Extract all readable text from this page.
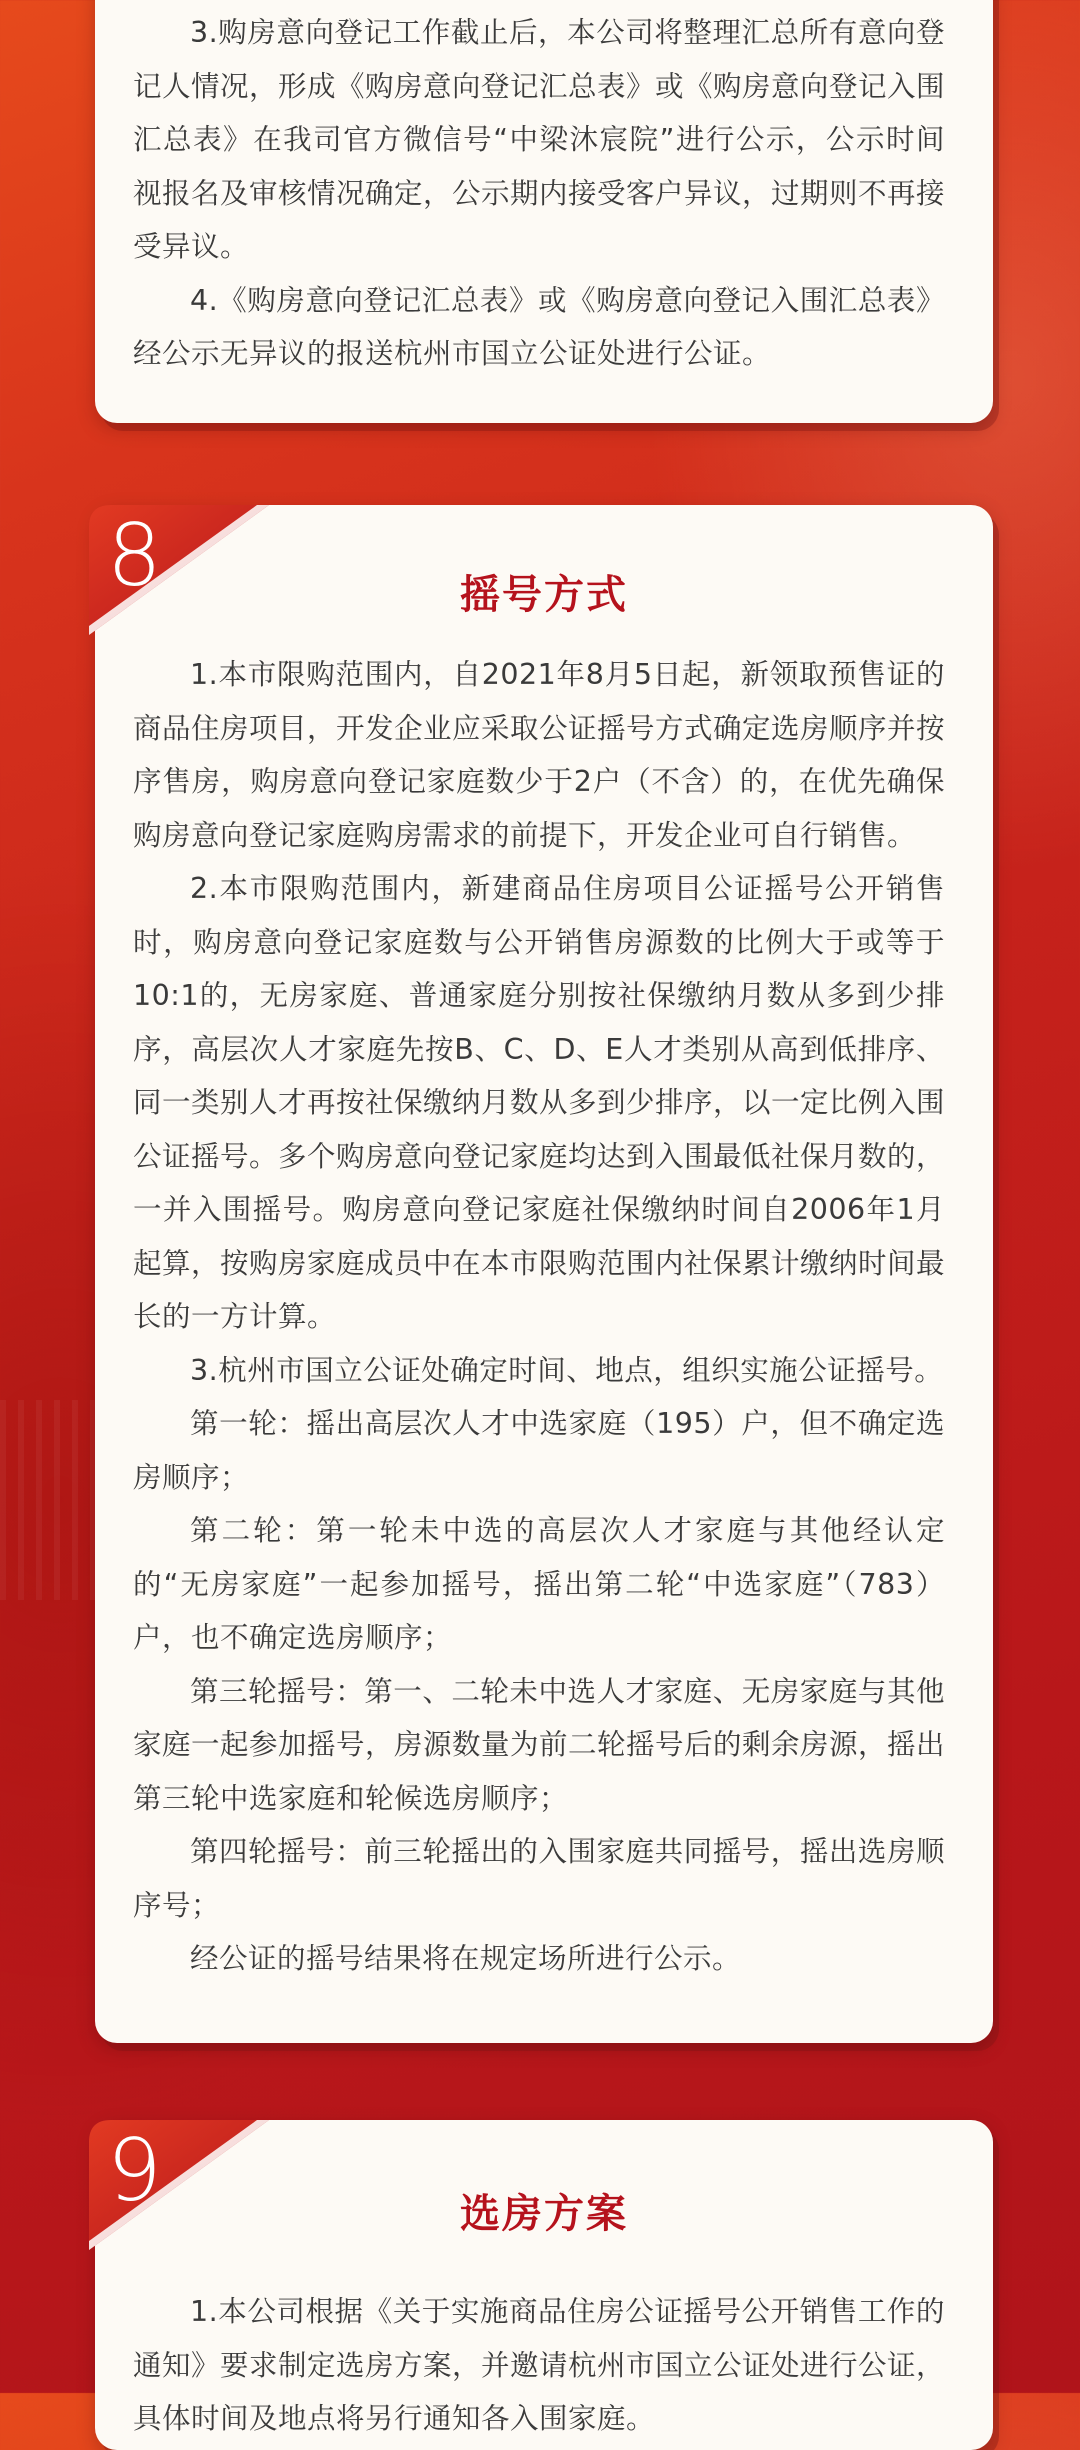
3.购房意向登记工作截止后，本公司将整理汇总所有意向登记人情况，形成《购房意向登记汇总表》或《购房意向登记入围汇总表》在我司官方微信号“中梁沐宸院”进行公示，公示时间视报名及审核情况确定，公示期内接受客户异议，过期则不再接受异议。

4.《购房意向登记汇总表》或《购房意向登记入围汇总表》经公示无异议的报送杭州市国立公证处进行公证。

8	摇号方式

1.本市限购范围内，自2021年8月5日起，新领取预售证的商品住房项目，开发企业应采取公证摇号方式确定选房顺序并按序售房，购房意向登记家庭数少于2户（不含）的，在优先确保购房意向登记家庭购房需求的前提下，开发企业可自行销售。

2.本市限购范围内，新建商品住房项目公证摇号公开销售时，购房意向登记家庭数与公开销售房源数的比例大于或等于10:1的，无房家庭、普通家庭分别按社保缴纳月数从多到少排序，高层次人才家庭先按B、C、D、E人才类别从高到低排序、同一类别人才再按社保缴纳月数从多到少排序，以一定比例入围公证摇号。多个购房意向登记家庭均达到入围最低社保月数的，一并入围摇号。购房意向登记家庭社保缴纳时间自2006年1月起算，按购房家庭成员中在本市限购范围内社保累计缴纳时间最长的一方计算。

3.杭州市国立公证处确定时间、地点，组织实施公证摇号。

第一轮：摇出高层次人才中选家庭（195）户，但不确定选房顺序；

第二轮：第一轮未中选的高层次人才家庭与其他经认定的“无房家庭”一起参加摇号，摇出第二轮“中选家庭”（783）户，也不确定选房顺序；

第三轮摇号：第一、二轮未中选人才家庭、无房家庭与其他家庭一起参加摇号，房源数量为前二轮摇号后的剩余房源，摇出第三轮中选家庭和轮候选房顺序；

第四轮摇号：前三轮摇出的入围家庭共同摇号，摇出选房顺序号；

经公证的摇号结果将在规定场所进行公示。

9	选房方案

1.本公司根据《关于实施商品住房公证摇号公开销售工作的通知》要求制定选房方案，并邀请杭州市国立公证处进行公证，具体时间及地点将另行通知各入围家庭。
